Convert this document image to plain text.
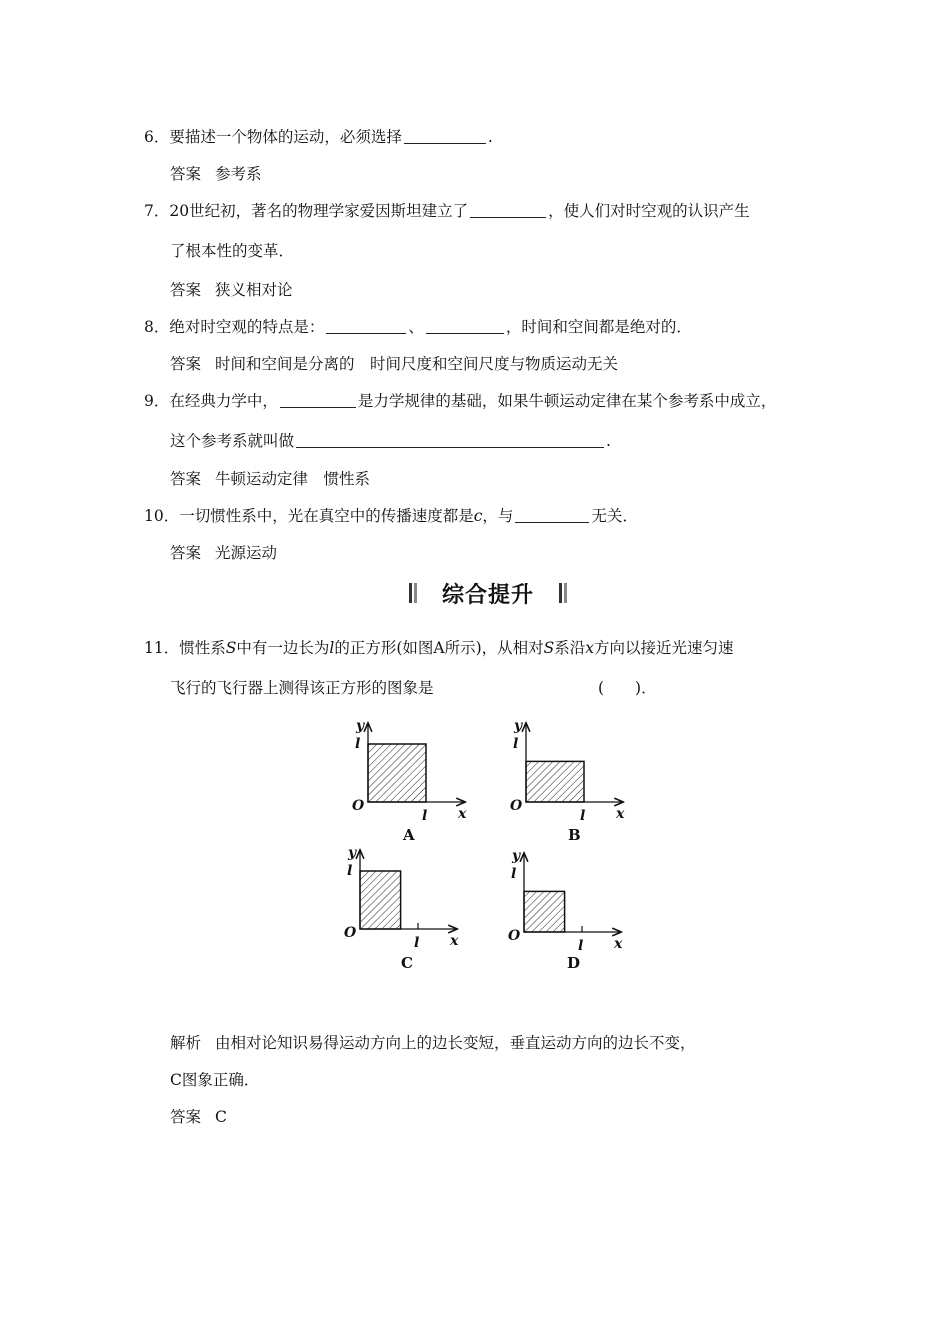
6．要描述一个物体的运动，必须选择	.
答案 参考系
7．20世纪初，著名的物理学家爱因斯坦建立了	，使人们对时空观的认识产生
了根本性的变革．
答案 狭义相对论
8．绝对时空观的特点是：	、	，时间和空间都是绝对的．
答案 时间和空间是分离的　时间尺度和空间尺度与物质运动无关
9．在经典力学中，	是力学规律的基础，如果牛顿运动定律在某个参考系中成立，
这个参考系就叫做	.
答案 牛顿运动定律　惯性系
10．一切惯性系中，光在真空中的传播速度都是c，与	无关．
答案 光源运动
综合提升
11．惯性系S中有一边长为l的正方形(如图A所示)，从相对S系沿x方向以接近光速匀速
飞行的飞行器上测得该正方形的图象是	(　　)．
y
l
O
l x
A
y
l
O
l x
B
y
l
O
l x
C
y
l
O
l x
D
解析 由相对论知识易得运动方向上的边长变短，垂直运动方向的边长不变，
C图象正确．
答案 C
